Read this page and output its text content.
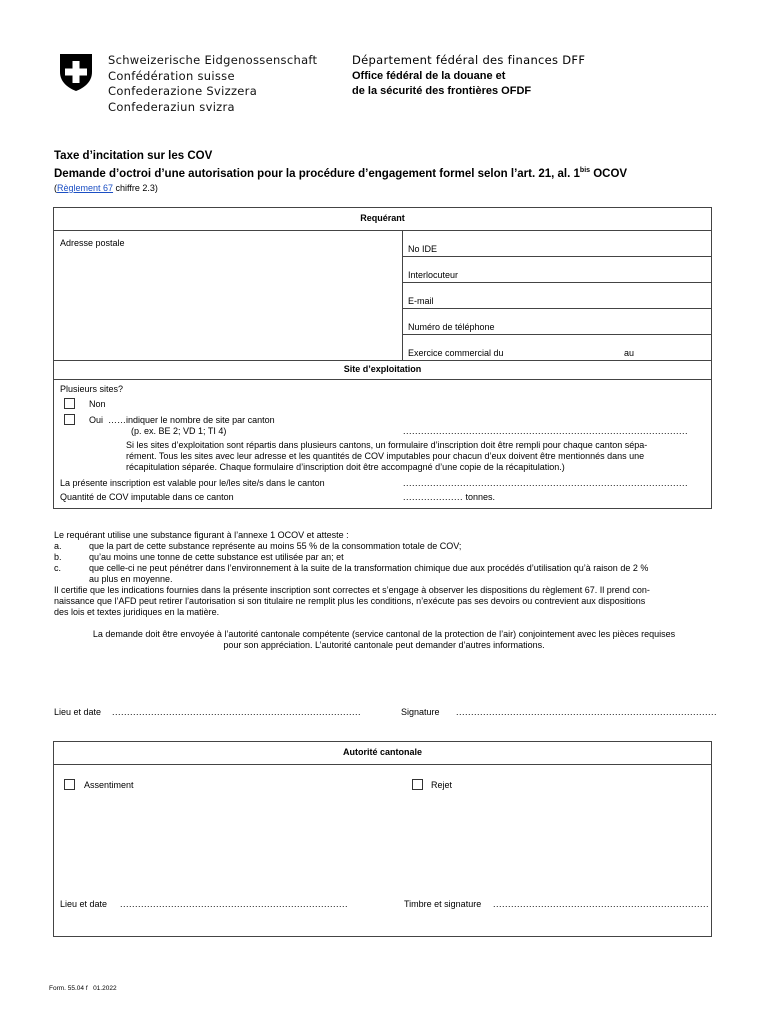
Schweizerische Eidgenossenschaft
Confédération suisse
Confederazione Svizzera
Confederaziun svizra
Département fédéral des finances DFF
Office fédéral de la douane et
de la sécurité des frontières OFDF
Taxe d’incitation sur les COV
Demande d’octroi d’une autorisation pour la procédure d’engagement formel selon l’art. 21, al. $1^{bis}$ OCOV
(Règlement 67 chiffre 2.3)
Requérant
Adresse postale
No IDE
Interlocuteur
E-mail
Numéro de téléphone
Exercice commercial du	au
Site d’exploitation
Plusieurs sites?
Non
Oui ……indiquer le nombre de site par canton
(p. ex. BE 2; VD 1; TI 4)	...............................................................................................
Si les sites d’exploitation sont répartis dans plusieurs cantons, un formulaire d’inscription doit être rempli pour chaque canton sépa-
rément. Tous les sites avec leur adresse et les quantités de COV imputables pour chacun d’eux doivent être mentionnés dans une
récapitulation séparée. Chaque formulaire d’inscription doit être accompagné d’une copie de la récapitulation.)
La présente inscription est valable pour le/les site/s dans le canton	...............................................................................................
Quantité de COV imputable dans ce canton	.................... tonnes.
Le requérant utilise une substance figurant à l’annexe 1 OCOV et atteste :
a.	que la part de cette substance représente au moins 55 % de la consommation totale de COV;
b.	qu’au moins une tonne de cette substance est utilisée par an; et
c.	que celle-ci ne peut pénétrer dans l’environnement à la suite de la transformation chimique due aux procédés d’utilisation qu’à raison de 2 %
au plus en moyenne.
Il certifie que les indications fournies dans la présente inscription sont correctes et s’engage à observer les dispositions du règlement 67. Il prend con-
naissance que l’AFD peut retirer l’autorisation si son titulaire ne remplit plus les conditions, n’exécute pas ses devoirs ou contrevient aux dispositions
des lois et textes juridiques en la matière.
La demande doit être envoyée à l’autorité cantonale compétente (service cantonal de la protection de l’air) conjointement avec les pièces requises
pour son appréciation. L’autorité cantonale peut demander d’autres informations.
Lieu et date ...................................................................................	Signature .......................................................................................
Autorité cantonale
Assentiment	Rejet
Lieu et date ............................................................................	Timbre et signature ........................................................................
Form. 55.04 f   01.2022
